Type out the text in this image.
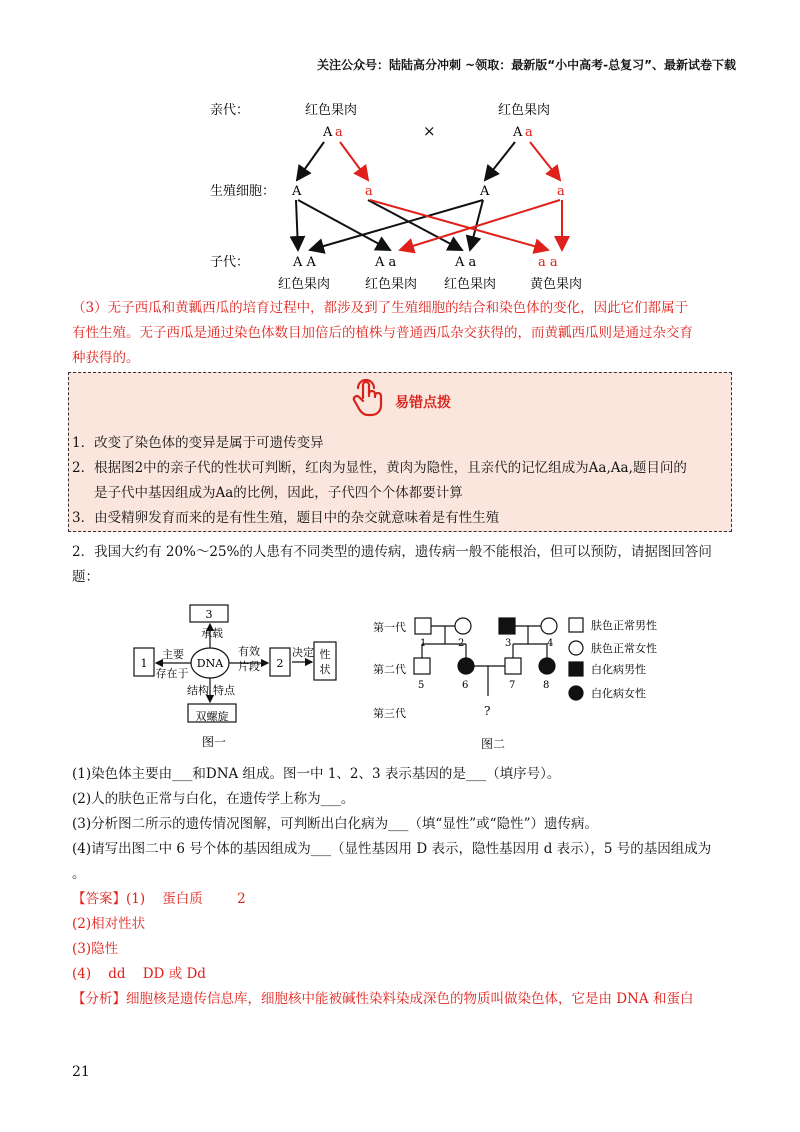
关注公众号：陆陆高分冲刺 ~领取：最新版“小中高考-总复习”、最新试卷下载
亲代：
生殖细胞：
子代：
红色果肉	红色果肉
A a	×	A a
A	a	A	a
A A	A a	A a	a a
红色果肉	红色果肉 红色果肉	黄色果肉
（3）无子西瓜和黄瓤西瓜的培育过程中，都涉及到了生殖细胞的结合和染色体的变化，因此它们都属于
有性生殖。无子西瓜是通过染色体数目加倍后的植株与普通西瓜杂交获得的，而黄瓤西瓜则是通过杂交育
种获得的。
易错点拨
1．改变了染色体的变异是属于可遗传变异
2．根据图2中的亲子代的性状可判断，红肉为显性，黄肉为隐性，且亲代的记忆组成为Aa,Aa,题目问的
是子代中基因组成为Aa的比例，因此，子代四个个体都要计算
3．由受精卵发育而来的是有性生殖，题目中的杂交就意味着是有性生殖
2．我国大约有 20%～25%的人患有不同类型的遗传病，遗传病一般不能根治，但可以预防，请据图回答问
题：
3
DNA
1	2
性
状
双螺旋
承载
主要
存在于
有效
片段
决定
结构 特点
图一
第一代
第二代
第三代
1	2	3	4
5	6	7	8
?
肤色正常男性
肤色正常女性
白化病男性
白化病女性
图二
(1)染色体主要由___和DNA 组成。图一中 1、2、3 表示基因的是___（填序号）。
(2)人的肤色正常与白化，在遗传学上称为___。
(3)分析图二所示的遗传情况图解，可判断出白化病为___（填“显性”或“隐性”）遗传病。
(4)请写出图二中 6 号个体的基因组成为___（显性基因用 D 表示，隐性基因用 d 表示），5 号的基因组成为
。
【答案】(1)    蛋白质        2
(2)相对性状
(3)隐性
(4)    dd    DD 或 Dd
【分析】细胞核是遗传信息库，细胞核中能被碱性染料染成深色的物质叫做染色体，它是由 DNA 和蛋白
21
